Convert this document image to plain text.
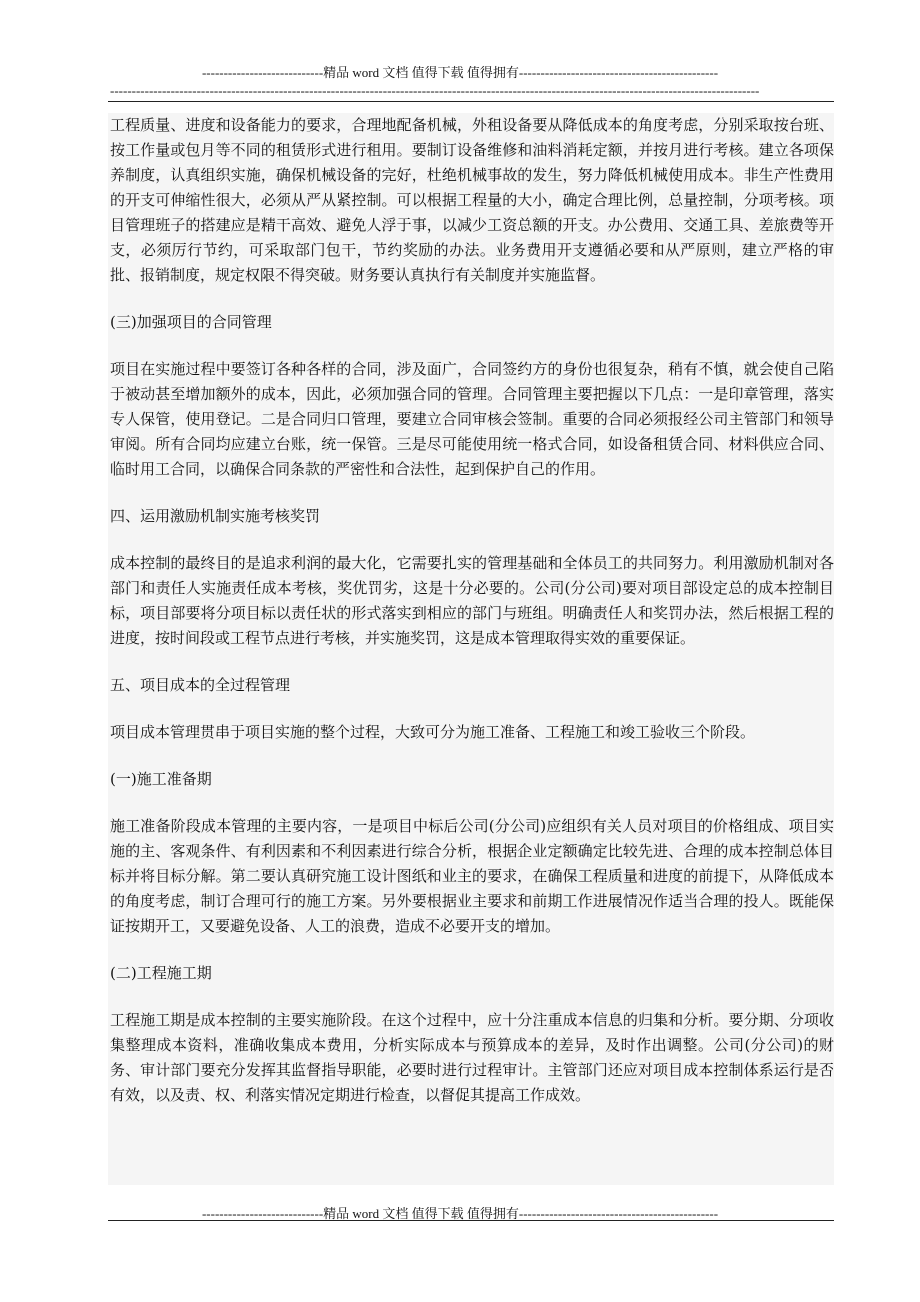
----------------------------精品 word 文档 值得下载 值得拥有----------------------------------------------
------------------------------------------------------------------------------------------------------------------------------------------------------

工程质量、进度和设备能力的要求，合理地配备机械，外租设备要从降低成本的角度考虑，分别采取按台班、按工作量或包月等不同的租赁形式进行租用。要制订设备维修和油料消耗定额，并按月进行考核。建立各项保养制度，认真组织实施，确保机械设备的完好，杜绝机械事故的发生，努力降低机械使用成本。非生产性费用的开支可伸缩性很大，必须从严从紧控制。可以根据工程量的大小，确定合理比例，总量控制，分项考核。项目管理班子的搭建应是精干高效、避免人浮于事，以减少工资总额的开支。办公费用、交通工具、差旅费等开支，必须厉行节约，可采取部门包干，节约奖励的办法。业务费用开支遵循必要和从严原则，建立严格的审批、报销制度，规定权限不得突破。财务要认真执行有关制度并实施监督。

(三)加强项目的合同管理

项目在实施过程中要签订各种各样的合同，涉及面广，合同签约方的身份也很复杂，稍有不慎，就会使自己陷于被动甚至增加额外的成本，因此，必须加强合同的管理。合同管理主要把握以下几点：一是印章管理，落实专人保管，使用登记。二是合同归口管理，要建立合同审核会签制。重要的合同必须报经公司主管部门和领导审阅。所有合同均应建立台账，统一保管。三是尽可能使用统一格式合同，如设备租赁合同、材料供应合同、临时用工合同，以确保合同条款的严密性和合法性，起到保护自己的作用。

四、运用激励机制实施考核奖罚

成本控制的最终目的是追求利润的最大化，它需要扎实的管理基础和全体员工的共同努力。利用激励机制对各部门和责任人实施责任成本考核，奖优罚劣，这是十分必要的。公司(分公司)要对项目部设定总的成本控制目标，项目部要将分项目标以责任状的形式落实到相应的部门与班组。明确责任人和奖罚办法，然后根据工程的进度，按时间段或工程节点进行考核，并实施奖罚，这是成本管理取得实效的重要保证。

五、项目成本的全过程管理

项目成本管理贯串于项目实施的整个过程，大致可分为施工准备、工程施工和竣工验收三个阶段。

(一)施工准备期

施工准备阶段成本管理的主要内容，一是项目中标后公司(分公司)应组织有关人员对项目的价格组成、项目实施的主、客观条件、有利因素和不利因素进行综合分析，根据企业定额确定比较先进、合理的成本控制总体目标并将目标分解。第二要认真研究施工设计图纸和业主的要求，在确保工程质量和进度的前提下，从降低成本的角度考虑，制订合理可行的施工方案。另外要根据业主要求和前期工作进展情况作适当合理的投人。既能保证按期开工，又要避免设备、人工的浪费，造成不必要开支的增加。

(二)工程施工期

工程施工期是成本控制的主要实施阶段。在这个过程中，应十分注重成本信息的归集和分析。要分期、分项收集整理成本资料，准确收集成本费用，分析实际成本与预算成本的差异，及时作出调整。公司(分公司)的财务、审计部门要充分发挥其监督指导职能，必要时进行过程审计。主管部门还应对项目成本控制体系运行是否有效，以及责、权、利落实情况定期进行检查，以督促其提高工作成效。

----------------------------精品 word 文档 值得下载 值得拥有----------------------------------------------
